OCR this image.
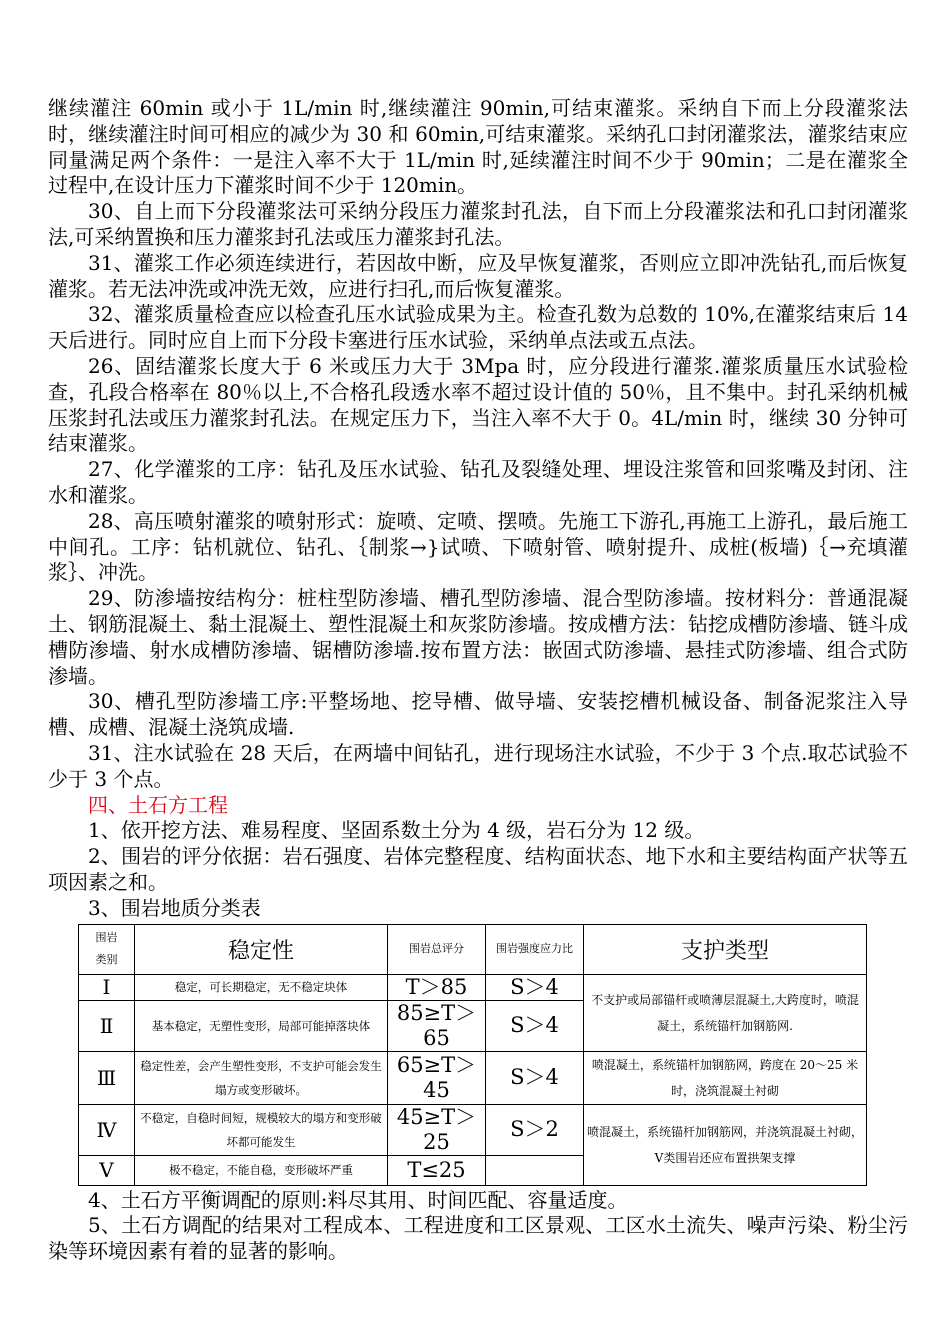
继续灌注 60min 或小于 1L/min 时,继续灌注 90min,可结束灌浆。采纳自下而上分段灌浆法时，继续灌注时间可相应的减少为 30 和 60min,可结束灌浆。采纳孔口封闭灌浆法，灌浆结束应同量满足两个条件：一是注入率不大于 1L/min 时,延续灌注时间不少于 90min；二是在灌浆全过程中,在设计压力下灌浆时间不少于 120min。

30、自上而下分段灌浆法可采纳分段压力灌浆封孔法，自下而上分段灌浆法和孔口封闭灌浆法,可采纳置换和压力灌浆封孔法或压力灌浆封孔法。

31、灌浆工作必须连续进行，若因故中断，应及早恢复灌浆，否则应立即冲洗钻孔,而后恢复灌浆。若无法冲洗或冲洗无效，应进行扫孔,而后恢复灌浆。

32、灌浆质量检查应以检查孔压水试验成果为主。检查孔数为总数的 10%,在灌浆结束后 14 天后进行。同时应自上而下分段卡塞进行压水试验，采纳单点法或五点法。

26、固结灌浆长度大于 6 米或压力大于 3Mpa 时，应分段进行灌浆.灌浆质量压水试验检查，孔段合格率在 80％以上,不合格孔段透水率不超过设计值的 50％，且不集中。封孔采纳机械压浆封孔法或压力灌浆封孔法。在规定压力下，当注入率不大于 0。4L/min 时，继续 30 分钟可结束灌浆。

27、化学灌浆的工序：钻孔及压水试验、钻孔及裂缝处理、埋设注浆管和回浆嘴及封闭、注水和灌浆。

28、高压喷射灌浆的喷射形式：旋喷、定喷、摆喷。先施工下游孔,再施工上游孔，最后施工中间孔。工序：钻机就位、钻孔、｛制浆→}试喷、下喷射管、喷射提升、成桩(板墙)｛→充填灌浆｝、冲洗。

29、防渗墙按结构分：桩柱型防渗墙、槽孔型防渗墙、混合型防渗墙。按材料分：普通混凝土、钢筋混凝土、黏土混凝土、塑性混凝土和灰浆防渗墙。按成槽方法：钻挖成槽防渗墙、链斗成槽防渗墙、射水成槽防渗墙、锯槽防渗墙.按布置方法：嵌固式防渗墙、悬挂式防渗墙、组合式防渗墙。

30、槽孔型防渗墙工序:平整场地、挖导槽、做导墙、安装挖槽机械设备、制备泥浆注入导槽、成槽、混凝土浇筑成墙.

31、注水试验在 28 天后，在两墙中间钻孔，进行现场注水试验，不少于 3 个点.取芯试验不少于 3 个点。

四、土石方工程

1、依开挖方法、难易程度、坚固系数土分为 4 级，岩石分为 12 级。

2、围岩的评分依据：岩石强度、岩体完整程度、结构面状态、地下水和主要结构面产状等五项因素之和。

3、围岩地质分类表

围岩类别	稳定性	围岩总评分	围岩强度应力比	支护类型
Ⅰ	稳定，可长期稳定，无不稳定块体	T＞85	S＞4	不支护或局部锚杆或喷薄层混凝土,大跨度时，喷混凝土，系统锚杆加钢筋网.
Ⅱ	基本稳定，无塑性变形，局部可能掉落块体	85≥T＞65	S＞4	
Ⅲ	稳定性差，会产生塑性变形，不支护可能会发生塌方或变形破坏。	65≥T＞45	S＞4	喷混凝土，系统锚杆加钢筋网，跨度在 20～25 米时，浇筑混凝土衬砌
Ⅳ	不稳定，自稳时间短，规模较大的塌方和变形破坏都可能发生	45≥T＞25	S＞2	喷混凝土，系统锚杆加钢筋网，并浇筑混凝土衬砌，Ⅴ类围岩还应布置拱架支撑
Ⅴ	极不稳定，不能自稳，变形破坏严重	T≤25		

4、土石方平衡调配的原则:料尽其用、时间匹配、容量适度。

5、土石方调配的结果对工程成本、工程进度和工区景观、工区水土流失、噪声污染、粉尘污染等环境因素有着的显著的影响。
